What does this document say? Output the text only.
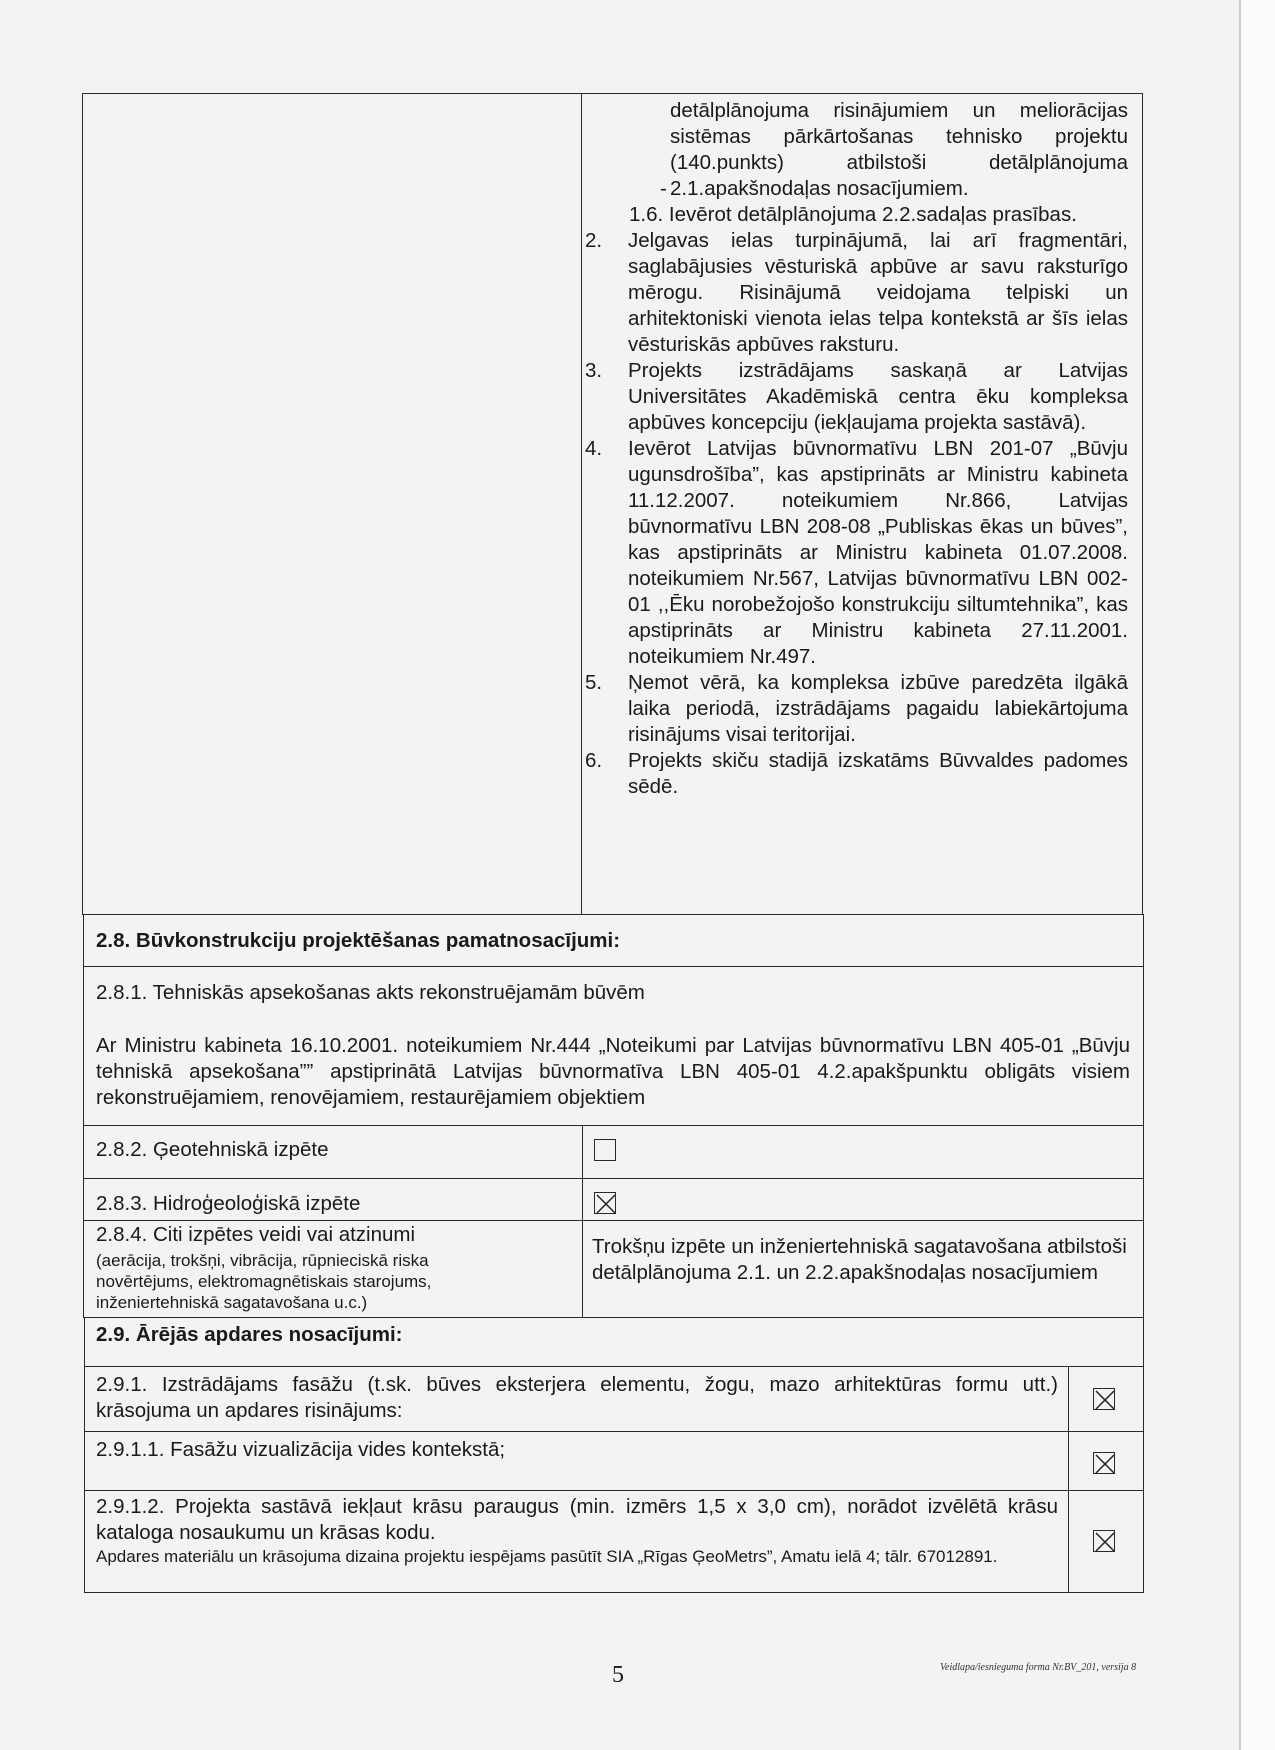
detālplānojuma risinājumiem un meliorācijas sistēmas pārkārtošanas tehnisko projektu (140.punkts) atbilstoši detālplānojuma 2.1.apakšnodaļas nosacījumiem.
-
1.6. Ievērot detālplānojuma 2.2.sadaļas prasības.
2. Jelgavas ielas turpinājumā, lai arī fragmentāri, saglabājusies vēsturiskā apbūve ar savu raksturīgo mērogu. Risinājumā veidojama telpiski un arhitektoniski vienota ielas telpa kontekstā ar šīs ielas vēsturiskās apbūves raksturu.
3. Projekts izstrādājams saskaņā ar Latvijas Universitātes Akadēmiskā centra ēku kompleksa apbūves koncepciju (iekļaujama projekta sastāvā).
4. Ievērot Latvijas būvnormatīvu LBN 201-07 „Būvju ugunsdrošība”, kas apstiprināts ar Ministru kabineta 11.12.2007. noteikumiem Nr.866, Latvijas būvnormatīvu LBN 208-08 „Publiskas ēkas un būves”, kas apstiprināts ar Ministru kabineta 01.07.2008. noteikumiem Nr.567, Latvijas būvnormatīvu LBN 002-01 ,,Ēku norobežojošo konstrukciju siltumtehnika”, kas apstiprināts ar Ministru kabineta 27.11.2001. noteikumiem Nr.497.
5. Ņemot vērā, ka kompleksa izbūve paredzēta ilgākā laika periodā, izstrādājams pagaidu labiekārtojuma risinājums visai teritorijai.
6. Projekts skiču stadijā izskatāms Būvvaldes padomes sēdē.
2.8. Būvkonstrukciju projektēšanas pamatnosacījumi:
2.8.1. Tehniskās apsekošanas akts rekonstruējamām būvēm
Ar Ministru kabineta 16.10.2001. noteikumiem Nr.444 „Noteikumi par Latvijas būvnormatīvu LBN 405-01 „Būvju tehniskā apsekošana”” apstiprinātā Latvijas būvnormatīva LBN 405-01 4.2.apakšpunktu obligāts visiem rekonstruējamiem, renovējamiem, restaurējamiem objektiem
2.8.2. Ģeotehniskā izpēte
2.8.3. Hidroģeoloģiskā izpēte
2.8.4. Citi izpētes veidi vai atzinumi
(aerācija, trokšņi, vibrācija, rūpnieciskā riska novērtējums, elektromagnētiskais starojums, inženiertehniskā sagatavošana u.c.)
Trokšņu izpēte un inženiertehniskā sagatavošana atbilstoši detālplānojuma 2.1. un 2.2.apakšnodaļas nosacījumiem
2.9. Ārējās apdares nosacījumi:
2.9.1. Izstrādājams fasāžu (t.sk. būves eksterjera elementu, žogu, mazo arhitektūras formu utt.) krāsojuma un apdares risinājums:
2.9.1.1. Fasāžu vizualizācija vides kontekstā;
2.9.1.2. Projekta sastāvā iekļaut krāsu paraugus (min. izmērs 1,5 x 3,0 cm), norādot izvēlētā krāsu kataloga nosaukumu un krāsas kodu.
Apdares materiālu un krāsojuma dizaina projektu iespējams pasūtīt SIA „Rīgas ĢeoMetrs”, Amatu ielā 4; tālr. 67012891.
5	Veidlapa/iesnieguma forma Nr.BV_201, versija 8
